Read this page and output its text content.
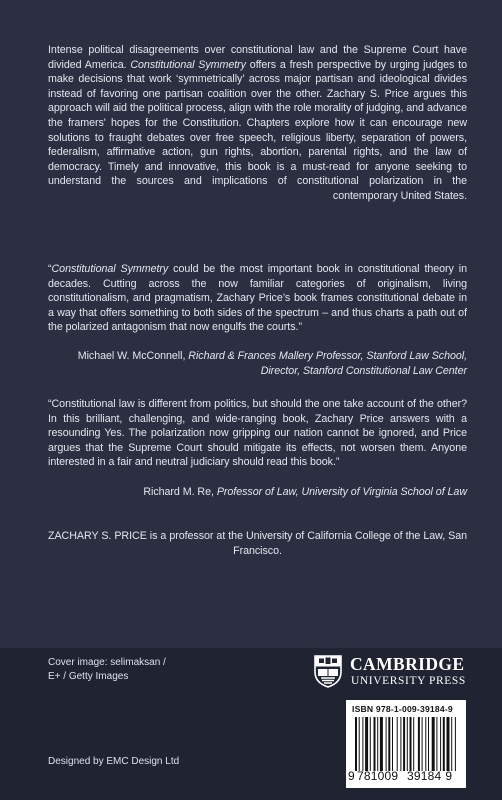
Intense political disagreements over constitutional law and the Supreme Court have divided America. Constitutional Symmetry offers a fresh perspective by urging judges to make decisions that work ‘symmetrically’ across major partisan and ideological divides instead of favoring one partisan coalition over the other. Zachary S. Price argues this approach will aid the political process, align with the role morality of judging, and advance the framers' hopes for the Constitution. Chapters explore how it can encourage new solutions to fraught debates over free speech, religious liberty, separation of powers, federalism, affirmative action, gun rights, abortion, parental rights, and the law of democracy. Timely and innovative, this book is a must-read for anyone seeking to understand the sources and implications of constitutional polarization in the contemporary United States.

“Constitutional Symmetry could be the most important book in constitutional theory in decades. Cutting across the now familiar categories of originalism, living constitutionalism, and pragmatism, Zachary Price’s book frames constitutional debate in a way that offers something to both sides of the spectrum – and thus charts a path out of the polarized antagonism that now engulfs the courts.”

Michael W. McConnell, Richard & Frances Mallery Professor, Stanford Law School, Director, Stanford Constitutional Law Center

“Constitutional law is different from politics, but should the one take account of the other? In this brilliant, challenging, and wide-ranging book, Zachary Price answers with a resounding Yes. The polarization now gripping our nation cannot be ignored, and Price argues that the Supreme Court should mitigate its effects, not worsen them. Anyone interested in a fair and neutral judiciary should read this book.”

Richard M. Re, Professor of Law, University of Virginia School of Law

ZACHARY S. PRICE is a professor at the University of California College of the Law, San Francisco.

Cover image: selimaksan / E+ / Getty Images
Designed by EMC Design Ltd
CAMBRIDGE
UNIVERSITY PRESS
ISBN 978-1-009-39184-9
9 781009 39184 9
